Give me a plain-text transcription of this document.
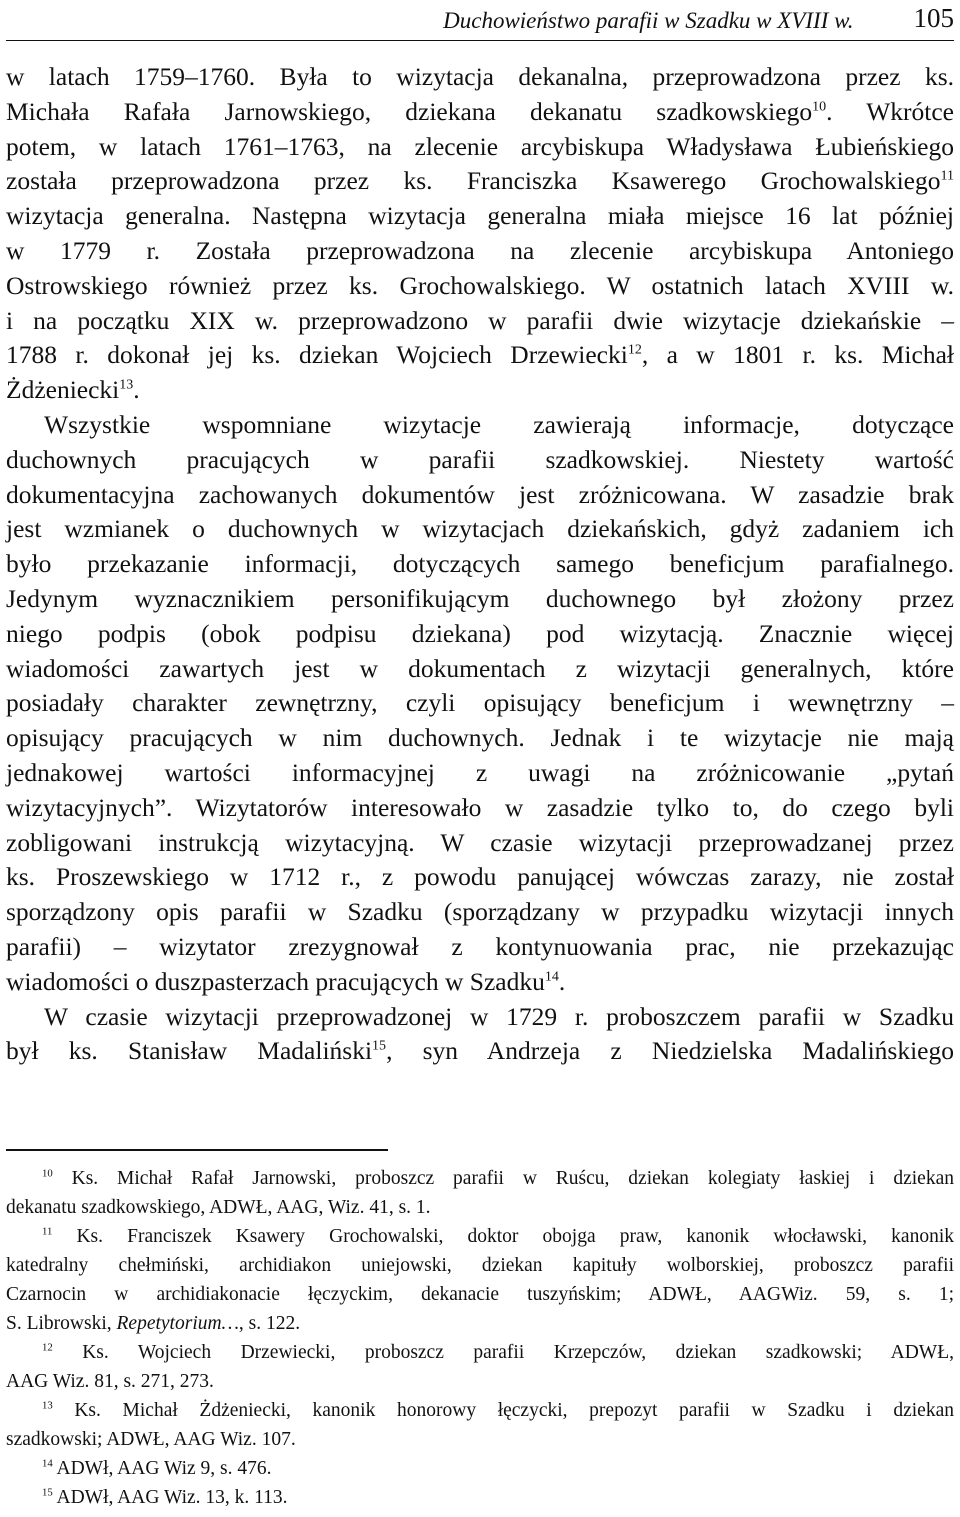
Duchowieństwo parafii w Szadku w XVIII w. 105
w latach 1759–1760. Była to wizytacja dekanalna, przeprowadzona przez ks.
Michała Rafała Jarnowskiego, dziekana dekanatu szadkowskiego$^{10}$. Wkrótce
potem, w latach 1761–1763, na zlecenie arcybiskupa Władysława Łubieńskiego
została przeprowadzona przez ks. Franciszka Ksawerego Grochowalskiego$^{11}$
wizytacja generalna. Następna wizytacja generalna miała miejsce 16 lat później
w 1779 r. Została przeprowadzona na zlecenie arcybiskupa Antoniego
Ostrowskiego również przez ks. Grochowalskiego. W ostatnich latach XVIII w.
i na początku XIX w. przeprowadzono w parafii dwie wizytacje dziekańskie –
1788 r. dokonał jej ks. dziekan Wojciech Drzewiecki$^{12}$, a w 1801 r. ks. Michał
Żdżeniecki$^{13}$.
Wszystkie wspomniane wizytacje zawierają informacje, dotyczące
duchownych pracujących w parafii szadkowskiej. Niestety wartość
dokumentacyjna zachowanych dokumentów jest zróżnicowana. W zasadzie brak
jest wzmianek o duchownych w wizytacjach dziekańskich, gdyż zadaniem ich
było przekazanie informacji, dotyczących samego beneficjum parafialnego.
Jedynym wyznacznikiem personifikującym duchownego był złożony przez
niego podpis (obok podpisu dziekana) pod wizytacją. Znacznie więcej
wiadomości zawartych jest w dokumentach z wizytacji generalnych, które
posiadały charakter zewnętrzny, czyli opisujący beneficjum i wewnętrzny –
opisujący pracujących w nim duchownych. Jednak i te wizytacje nie mają
jednakowej wartości informacyjnej z uwagi na zróżnicowanie „pytań
wizytacyjnych”. Wizytatorów interesowało w zasadzie tylko to, do czego byli
zobligowani instrukcją wizytacyjną. W czasie wizytacji przeprowadzanej przez
ks. Proszewskiego w 1712 r., z powodu panującej wówczas zarazy, nie został
sporządzony opis parafii w Szadku (sporządzany w przypadku wizytacji innych
parafii) – wizytator zrezygnował z kontynuowania prac, nie przekazując
wiadomości o duszpasterzach pracujących w Szadku$^{14}$.
W czasie wizytacji przeprowadzonej w 1729 r. proboszczem parafii w Szadku
był ks. Stanisław Madaliński$^{15}$, syn Andrzeja z Niedzielska Madalińskiego
$^{10}$ Ks. Michał Rafał Jarnowski, proboszcz parafii w Ruścu, dziekan kolegiaty łaskiej i dziekan
dekanatu szadkowskiego, ADWŁ, AAG, Wiz. 41, s. 1.
$^{11}$ Ks. Franciszek Ksawery Grochowalski, doktor obojga praw, kanonik włocławski, kanonik
katedralny chełmiński, archidiakon uniejowski, dziekan kapituły wolborskiej, proboszcz parafii
Czarnocin w archidiakonacie łęczyckim, dekanacie tuszyńskim; ADWŁ, AAGWiz. 59, s. 1;
S. Librowski, Repetytorium…, s. 122.
$^{12}$ Ks. Wojciech Drzewiecki, proboszcz parafii Krzepczów, dziekan szadkowski; ADWŁ,
AAG Wiz. 81, s. 271, 273.
$^{13}$ Ks. Michał Żdżeniecki, kanonik honorowy łęczycki, prepozyt parafii w Szadku i dziekan
szadkowski; ADWŁ, AAG Wiz. 107.
$^{14}$ ADWł, AAG Wiz 9, s. 476.
$^{15}$ ADWł, AAG Wiz. 13, k. 113.
